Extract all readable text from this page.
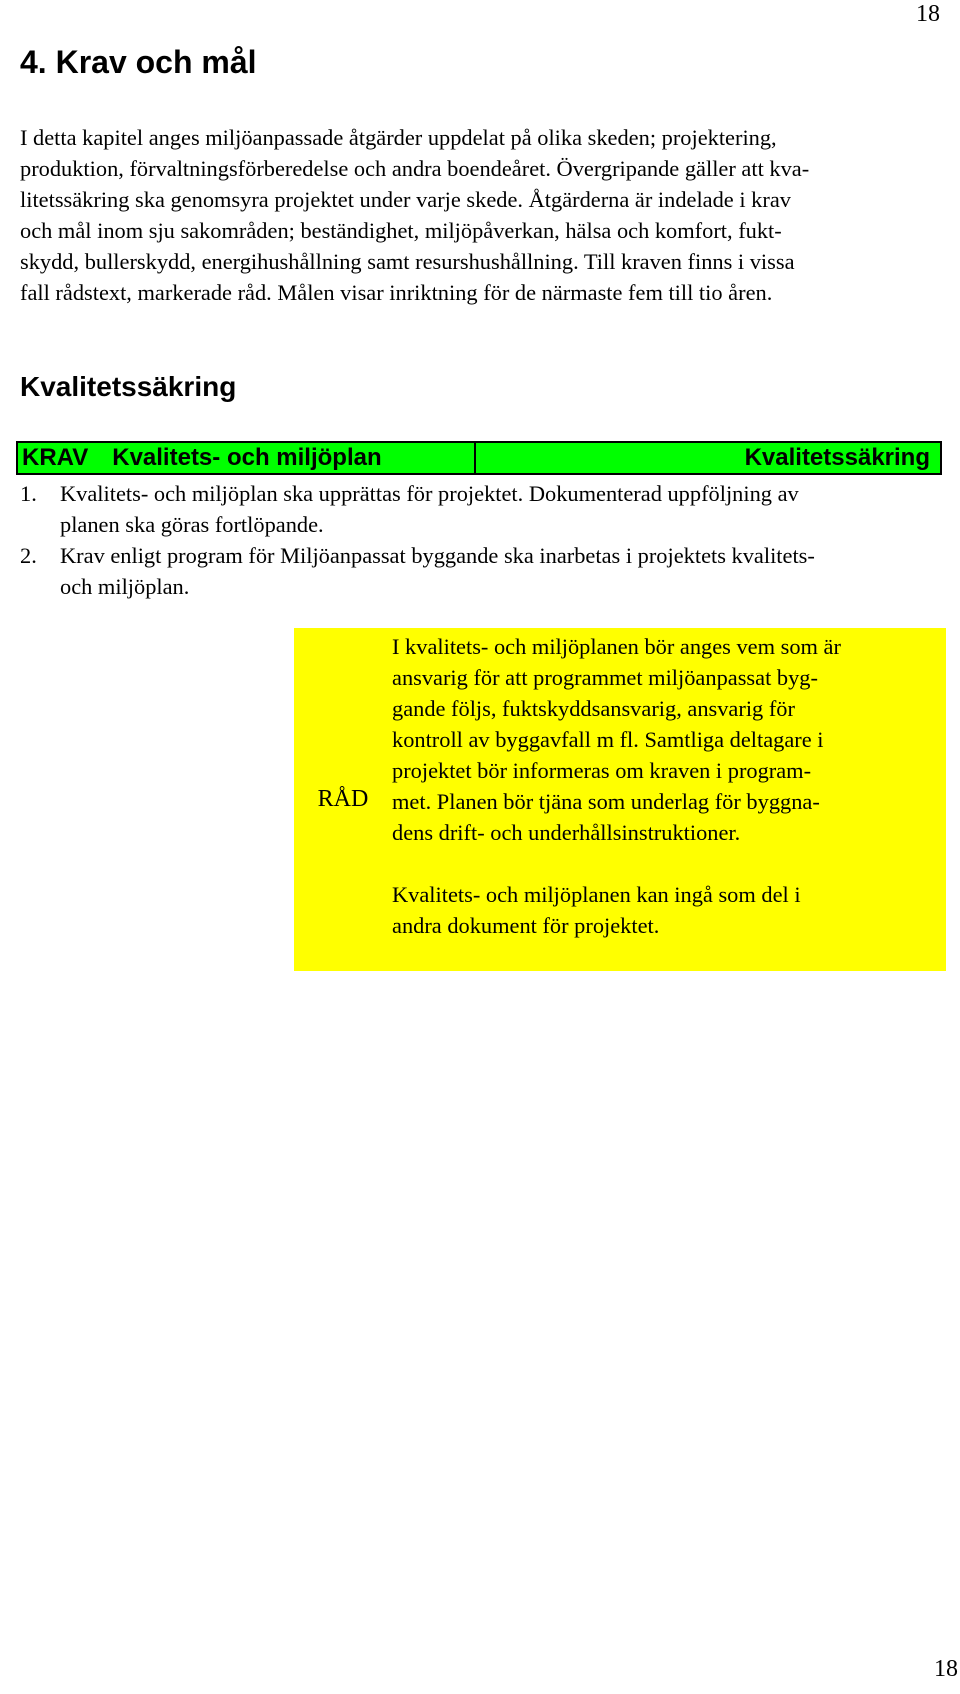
18
4. Krav och mål

I detta kapitel anges miljöanpassade åtgärder uppdelat på olika skeden; projektering,
produktion, förvaltningsförberedelse och andra boendeåret. Övergripande gäller att kva-
litetssäkring ska genomsyra projektet under varje skede. Åtgärderna är indelade i krav
och mål inom sju sakområden; beständighet, miljöpåverkan, hälsa och komfort, fukt-
skydd, bullerskydd, energihushållning samt resurshushållning. Till kraven finns i vissa
fall rådstext, markerade råd. Målen visar inriktning för de närmaste fem till tio åren.

Kvalitetssäkring
KRAV Kvalitets- och miljöplan	Kvalitetssäkring
1.	Kvalitets- och miljöplan ska upprättas för projektet. Dokumenterad uppföljning av
planen ska göras fortlöpande.
2.	Krav enligt program för Miljöanpassat byggande ska inarbetas i projektets kvalitets-
och miljöplan.
RÅD

I kvalitets- och miljöplanen bör anges vem som är
ansvarig för att programmet miljöanpassat byg-
gande följs, fuktskyddsansvarig, ansvarig för
kontroll av byggavfall m fl. Samtliga deltagare i
projektet bör informeras om kraven i program-
met. Planen bör tjäna som underlag för byggna-
dens drift- och underhållsinstruktioner.

Kvalitets- och miljöplanen kan ingå som del i
andra dokument för projektet.

18
